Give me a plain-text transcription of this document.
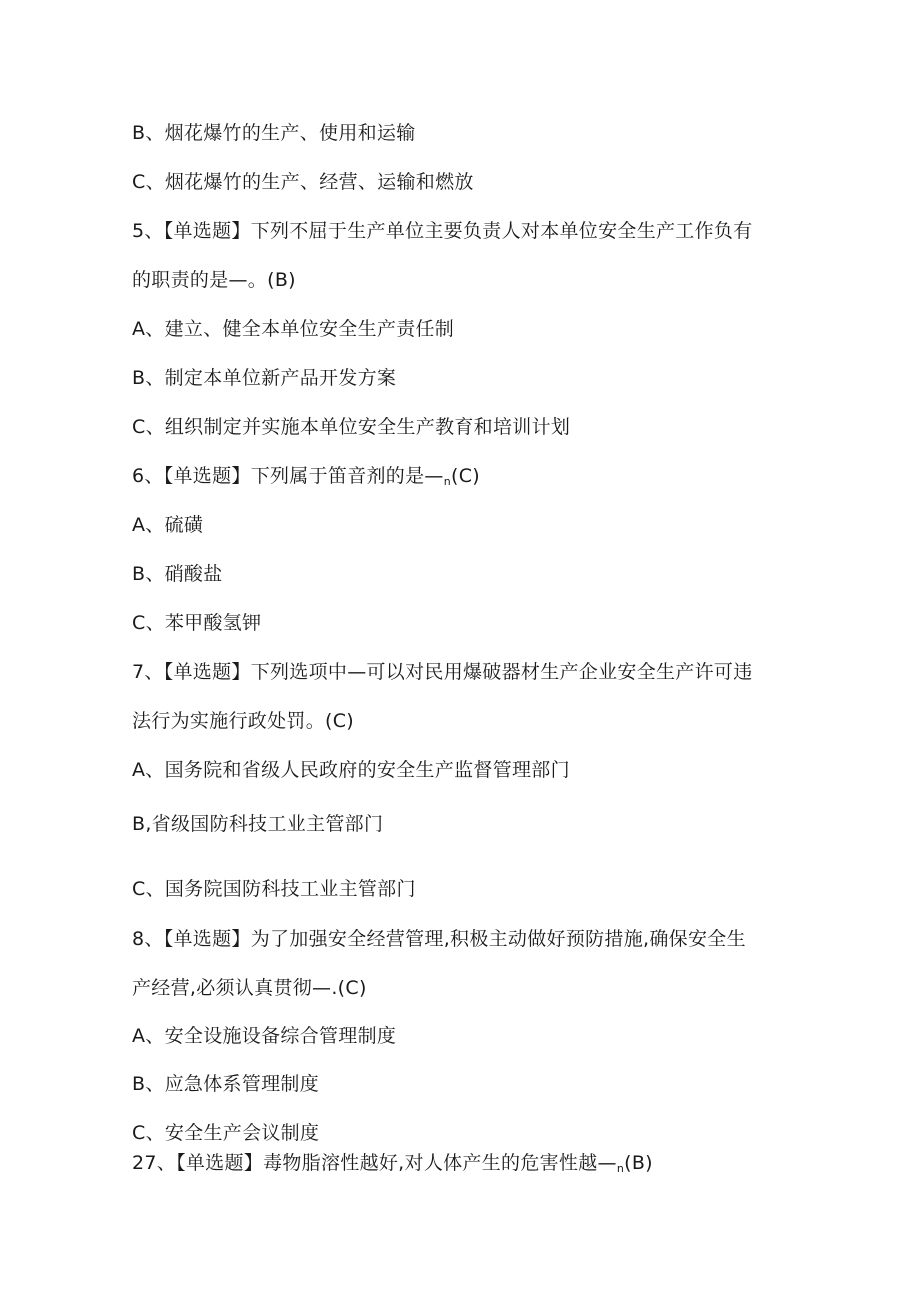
B、烟花爆竹的生产、使用和运输
C、烟花爆竹的生产、经营、运输和燃放
5、【单选题】下列不屈于生产单位主要负责人对本单位安全生产工作负有
的职责的是—。(B)
A、建立、健全本单位安全生产责任制
B、制定本单位新产品开发方案
C、组织制定并实施本单位安全生产教育和培训计划
6、【单选题】下列属于笛音剂的是$—_n(C)$
A、硫磺
B、硝酸盐
C、苯甲酸氢钾
7、【单选题】下列选项中—可以对民用爆破器材生产企业安全生产许可违
法行为实施行政处罚。(C)
A、国务院和省级人民政府的安全生产监督管理部门
B,省级国防科技工业主管部门
C、国务院国防科技工业主管部门
8、【单选题】为了加强安全经营管理,积极主动做好预防措施,确保安全生
产经营,必须认真贯彻—.(C)
A、安全设施设备综合管理制度
B、应急体系管理制度
C、安全生产会议制度
27、【单选题】毒物脂溶性越好,对人体产生的危害性越$—_n(B)$
